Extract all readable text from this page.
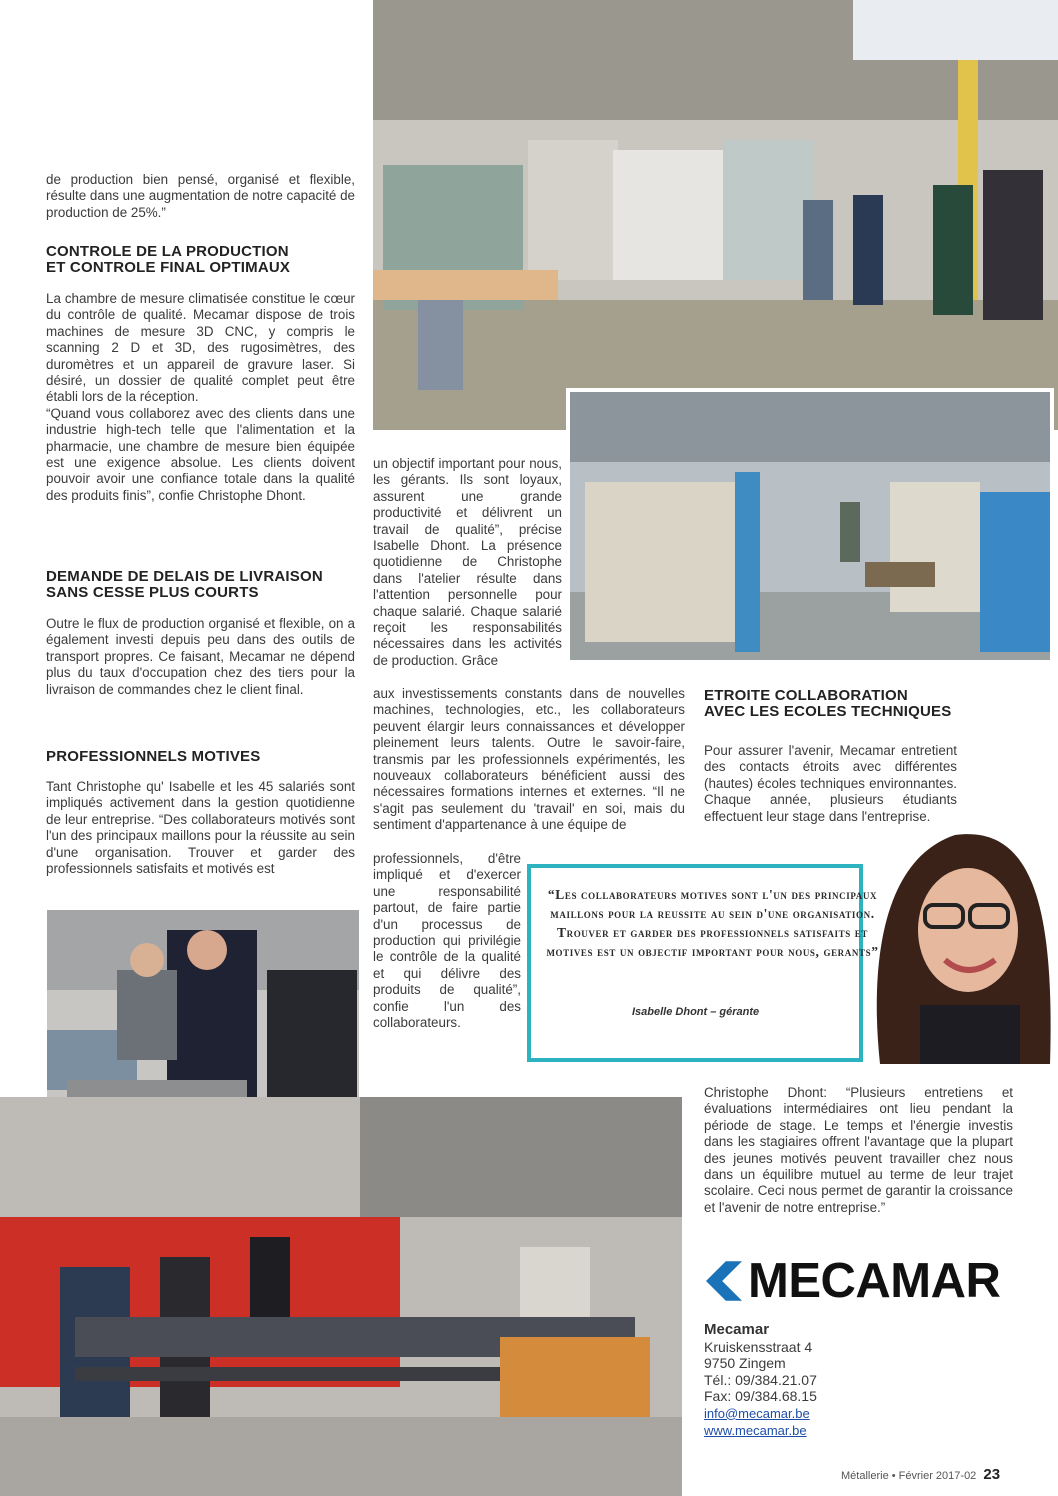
de production bien pensé, organisé et flexible, résulte dans une augmentation de notre capacité de production de 25%.”
CONTROLE DE LA PRODUCTION
ET CONTROLE FINAL OPTIMAUX

La chambre de mesure climatisée constitue le cœur du contrôle de qualité. Mecamar dispose de trois machines de mesure 3D CNC, y compris le scanning 2 D et 3D, des rugosimètres, des duromètres et un appareil de gravure laser. Si désiré, un dossier de qualité complet peut être établi lors de la réception.

“Quand vous collaborez avec des clients dans une industrie high-tech telle que l'alimentation et la pharmacie, une chambre de mesure bien équipée est une exigence absolue. Les clients doivent pouvoir avoir une confiance totale dans la qualité des produits finis”, confie Christophe Dhont.

DEMANDE DE DELAIS DE LIVRAISON
SANS CESSE PLUS COURTS
Outre le flux de production organisé et flexible, on a également investi depuis peu dans des outils de transport propres. Ce faisant, Mecamar ne dépend plus du taux d'occupation chez des tiers pour la livraison de commandes chez le client final.
PROFESSIONNELS MOTIVES
Tant Christophe qu' Isabelle et les 45 salariés sont impliqués activement dans la gestion quotidienne de leur entreprise. “Des collaborateurs motivés sont l'un des principaux maillons pour la réussite au sein d'une organisation. Trouver et garder des professionnels satisfaits et motivés est
un objectif important pour nous, les gérants. Ils sont loyaux, assurent une grande productivité et délivrent un travail de qualité”, précise Isabelle Dhont. La présence quotidienne de Christophe dans l'atelier résulte dans l'attention personnelle pour chaque salarié. Chaque salarié reçoit les responsabilités nécessaires dans les activités de production. Grâce
aux investissements constants dans de nouvelles machines, technologies, etc., les collaborateurs peuvent élargir leurs connaissances et développer pleinement leurs talents. Outre le savoir-faire, transmis par les professionnels expérimentés, les nouveaux collaborateurs bénéficient aussi des nécessaires formations internes et externes. “Il ne s'agit pas seulement du 'travail' en soi, mais du sentiment d'appartenance à une équipe de
professionnels, d'être impliqué et d'exercer une responsabilité partout, de faire partie d'un processus de production qui privilégie le contrôle de la qualité et qui délivre des produits de qualité”, confie l'un des collaborateurs.
ETROITE COLLABORATION
AVEC LES ECOLES TECHNIQUES
Pour assurer l'avenir, Mecamar entretient des contacts étroits avec différentes (hautes) écoles techniques environnantes. Chaque année, plusieurs étudiants effectuent leur stage dans l'entreprise.
“Les collaborateurs motives sont l'un des principaux maillons pour la reussite au sein d'une organisation. Trouver et garder des professionnels satisfaits et motives est un objectif important pour nous, gerants”
Isabelle Dhont – gérante
Christophe Dhont: “Plusieurs entretiens et évaluations intermédiaires ont lieu pendant la période de stage. Le temps et l'énergie investis dans les stagiaires offrent l'avantage que la plupart des jeunes motivés peuvent travailler chez nous dans un équilibre mutuel au terme de leur trajet scolaire. Ceci nous permet de garantir la croissance et l'avenir de notre entreprise.”
MECAMAR
Mecamar
Kruiskensstraat 4
9750 Zingem
Tél.: 09/384.21.07
Fax: 09/384.68.15
info@mecamar.be
www.mecamar.be
Métallerie • Février 2017-02 23
